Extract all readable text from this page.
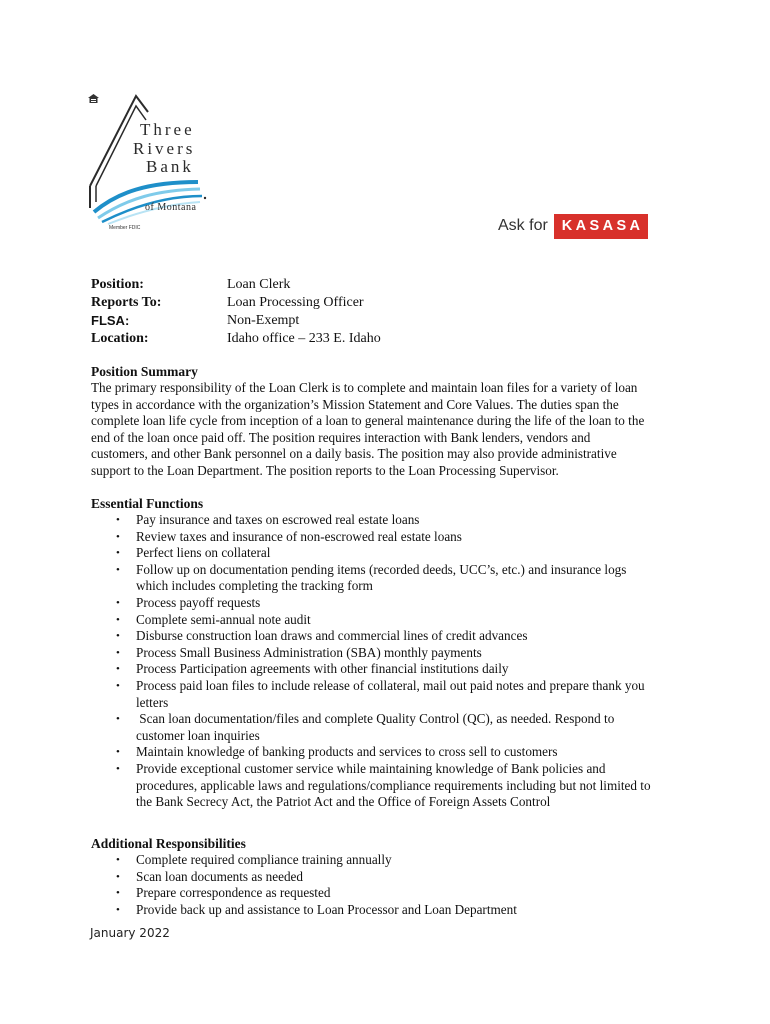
Three
Rivers
Bank
of Montana
Member FDIC	Ask for KASASA
Position:	Loan Clerk
Reports To:	Loan Processing Officer
FLSA:	Non-Exempt
Location:	Idaho office – 233 E. Idaho
Position Summary
The primary responsibility of the Loan Clerk is to complete and maintain loan files for a variety of loan
types in accordance with the organization’s Mission Statement and Core Values. The duties span the
complete loan life cycle from inception of a loan to general maintenance during the life of the loan to the
end of the loan once paid off. The position requires interaction with Bank lenders, vendors and
customers, and other Bank personnel on a daily basis. The position may also provide administrative
support to the Loan Department. The position reports to the Loan Processing Supervisor.
Essential Functions
• Pay insurance and taxes on escrowed real estate loans
• Review taxes and insurance of non-escrowed real estate loans
• Perfect liens on collateral
• Follow up on documentation pending items (recorded deeds, UCC’s, etc.) and insurance logs
which includes completing the tracking form
• Process payoff requests
• Complete semi-annual note audit
• Disburse construction loan draws and commercial lines of credit advances
• Process Small Business Administration (SBA) monthly payments
• Process Participation agreements with other financial institutions daily
• Process paid loan files to include release of collateral, mail out paid notes and prepare thank you
letters
• Scan loan documentation/files and complete Quality Control (QC), as needed. Respond to
customer loan inquiries
• Maintain knowledge of banking products and services to cross sell to customers
• Provide exceptional customer service while maintaining knowledge of Bank policies and
procedures, applicable laws and regulations/compliance requirements including but not limited to
the Bank Secrecy Act, the Patriot Act and the Office of Foreign Assets Control
Additional Responsibilities
• Complete required compliance training annually
• Scan loan documents as needed
• Prepare correspondence as requested
• Provide back up and assistance to Loan Processor and Loan Department
January 2022
